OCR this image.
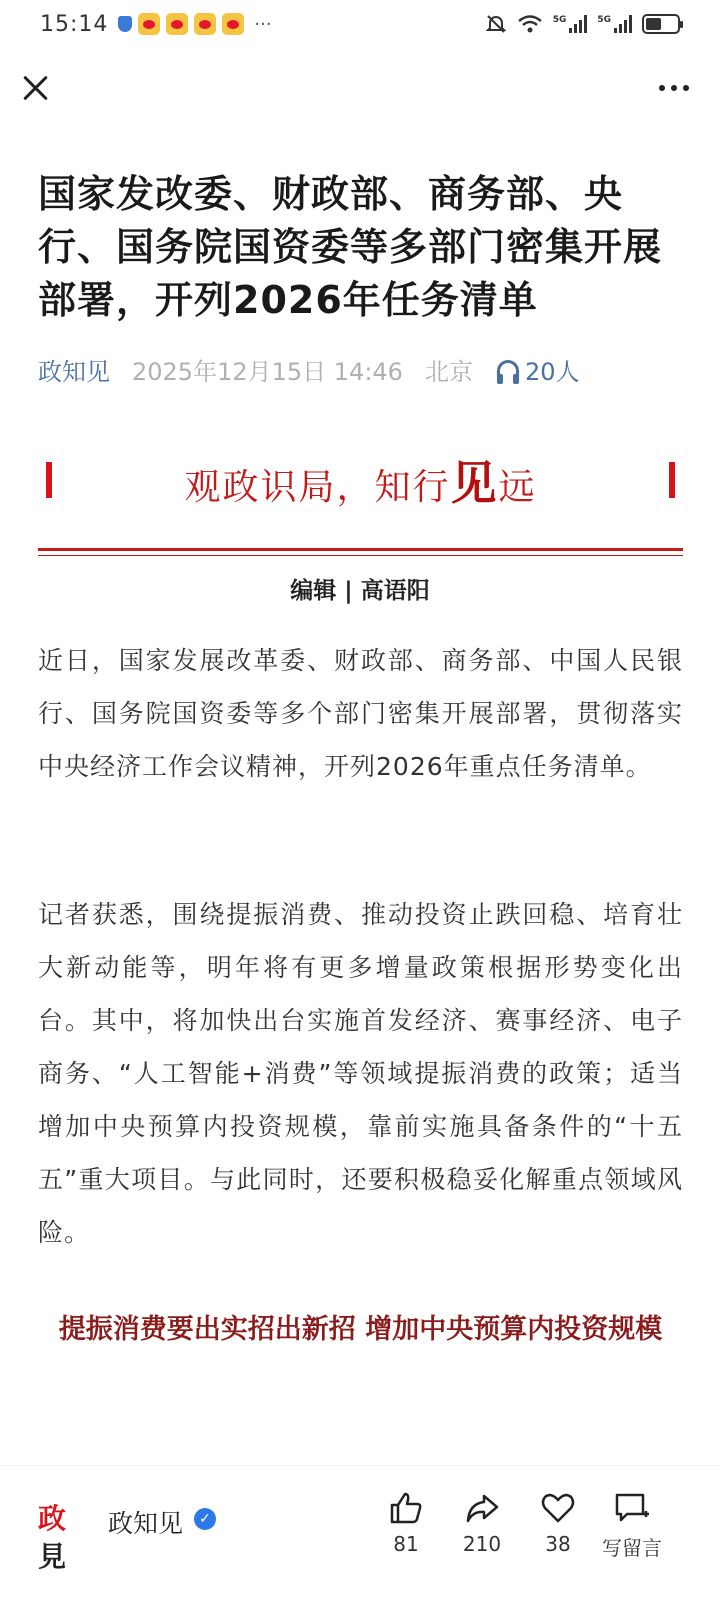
15:14	···	5G	5G
国家发改委、财政部、商务部、央行、国务院国资委等多部门密集开展部署，开列2026年任务清单
政知见 2025年12月15日 14:46 北京 20人
观政识局，知行见远
编辑 | 高语阳

近日，国家发展改革委、财政部、商务部、中国人民银行、国务院国资委等多个部门密集开展部署，贯彻落实中央经济工作会议精神，开列2026年重点任务清单。

记者获悉，围绕提振消费、推动投资止跌回稳、培育壮大新动能等，明年将有更多增量政策根据形势变化出台。其中，将加快出台实施首发经济、赛事经济、电子商务、“人工智能+消费”等领域提振消费的政策；适当增加中央预算内投资规模，靠前实施具备条件的“十五五”重大项目。与此同时，还要积极稳妥化解重点领域风险。

提振消费要出实招出新招 增加中央预算内投资规模
政見
政知见	✓
81	210	38	写留言
